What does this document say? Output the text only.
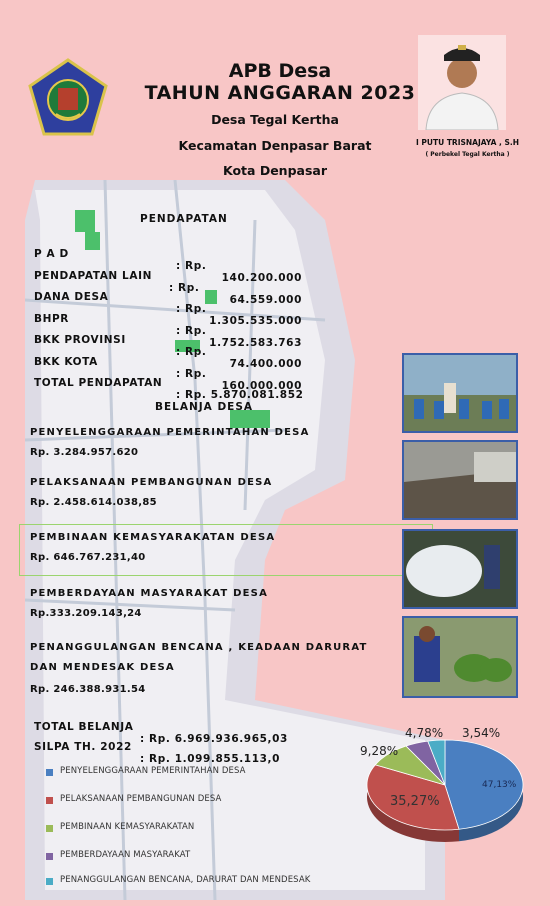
APB Desa
TAHUN ANGGARAN 2023
Desa Tegal Kertha
Kecamatan Denpasar Barat
Kota Denpasar
I PUTU TRISNAJAYA , S.H
( Perbekel Tegal Kertha )
PENDAPATAN

P A D

: Rp.

140.200.000

PENDAPATAN LAIN

: Rp.

64.559.000

DANA DESA

: Rp.

1.305.535.000

BHPR

: Rp.

1.752.583.763

BKK PROVINSI

: Rp.

74.400.000

BKK KOTA

: Rp.

160.000.000

TOTAL PENDAPATAN

: Rp. 5.870.081.852

BELANJA DESA
PENYELENGGARAAN PEMERINTAHAN DESA
Rp. 3.284.957.620
PELAKSANAAN PEMBANGUNAN DESA
Rp. 2.458.614.038,85
PEMBINAAN KEMASYARAKATAN DESA
Rp. 646.767.231,40
PEMBERDAYAAN MASYARAKAT DESA
Rp.333.209.143,24
PENANGGULANGAN BENCANA , KEADAAN DARURAT
DAN MENDESAK DESA
Rp. 246.388.931.54

TOTAL BELANJA

: Rp. 6.969.936.965,03

SILPA TH. 2022

: Rp. 1.099.855.113,0

PENYELENGGARAAN PEMERINTAHAN DESA
PELAKSANAAN PEMBANGUNAN DESA
PEMBINAAN KEMASYARAKATAN
PEMBERDAYAAN MASYARAKAT
PENANGGULANGAN BENCANA, DARURAT DAN MENDESAK
47,13%
35,27%
9,28%
4,78% 3,54%
